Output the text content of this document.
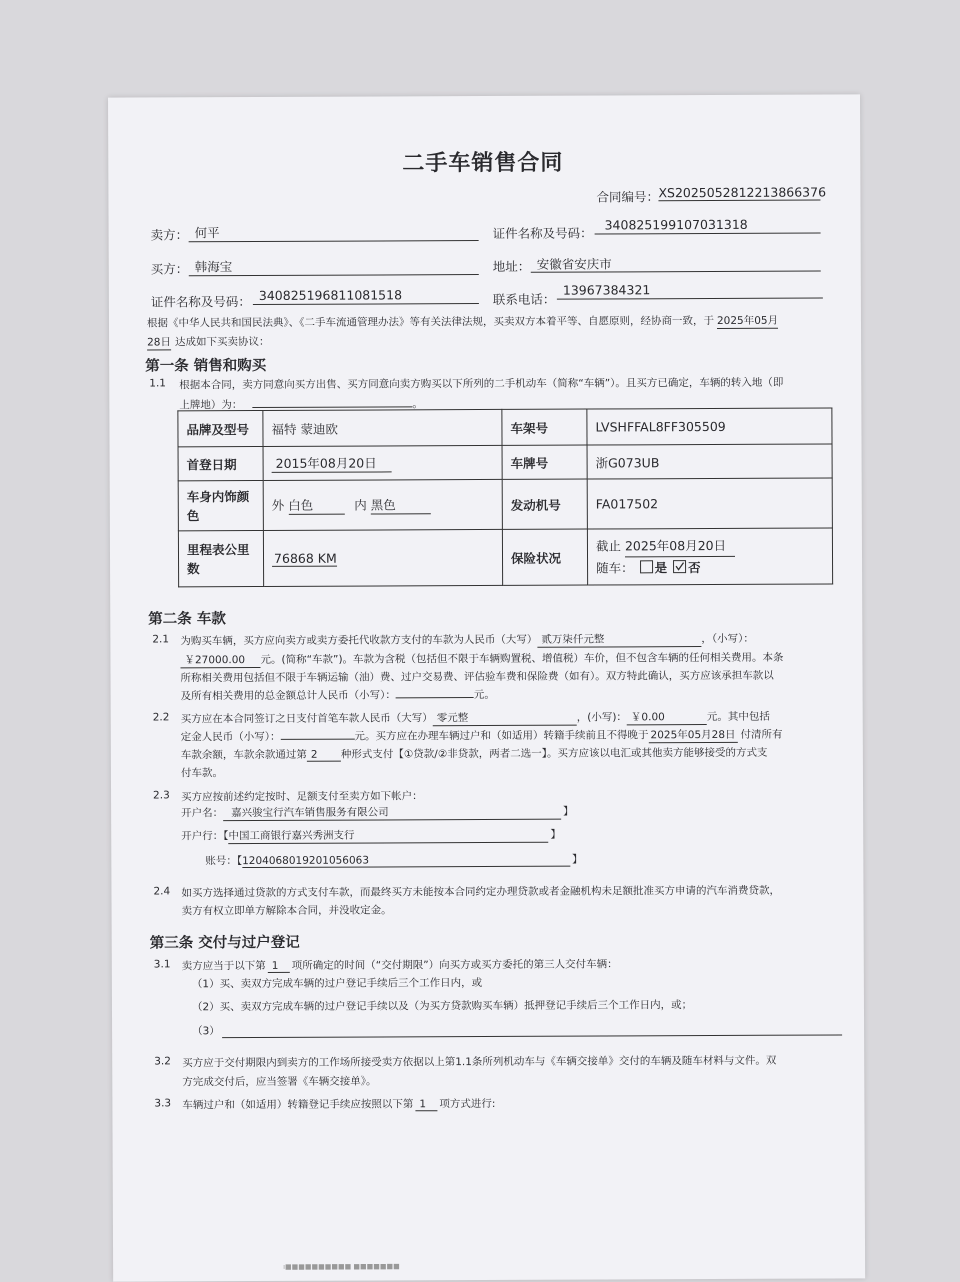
二手车销售合同
合同编号： XS2025052812213866376
卖方： 何平	证件名称及号码：
340825199107031318
买方： 韩海宝	地址： 安徽省安庆市
证件名称及号码： 340825196811081518	联系电话：
13967384321
根据《中华人民共和国民法典》、《二手车流通管理办法》等有关法律法规，买卖双方本着平等、自愿原则，经协商一致，于 2025年05月
28日 达成如下买卖协议：
第一条 销售和购买
1.1 根据本合同，卖方同意向买方出售、买方同意向卖方购买以下所列的二手机动车（简称“车辆”）。且买方已确定，车辆的转入地（即
上牌地）为：	。
品牌及型号	福特 蒙迪欧	车架号	LVSHFFAL8FF305509
首登日期	2015年08月20日	车牌号	浙G073UB
车身内饰颜
色	外 白色 内 黑色	发动机号	FA017502
里程表公里
数	76868 KM	保险状况	截止 2025年08月20日
随车： 是 否
第二条 车款
2.1 为购买车辆，买方应向卖方或卖方委托代收款方支付的车款为人民币（大写） 贰万柒仟元整	，（小写）：
￥27000.00 元。(简称“车款”)。车款为含税（包括但不限于车辆购置税、增值税）车价，但不包含车辆的任何相关费用。本条
所称相关费用包括但不限于车辆运输（油）费、过户交易费、评估验车费和保险费（如有）。双方特此确认，买方应该承担车款以
及所有相关费用的总金额总计人民币（小写）：	元。
2.2 买方应在本合同签订之日支付首笔车款人民币（大写） 零元整	，(小写)： ￥0.00	元。其中包括
定金人民币（小写）：	元。买方应在办理车辆过户和（如适用）转籍手续前且不得晚于 2025年05月28日 付清所有
车款余额，车款余款通过第 2 种形式支付【①贷款/②非贷款，两者二选一】。买方应该以电汇或其他卖方能够接受的方式支
付车款。
2.3 买方应按前述约定按时、足额支付至卖方如下帐户：
开户名： 嘉兴骏宝行汽车销售服务有限公司	】
开户行：【中国工商银行嘉兴秀洲支行	】
账号：【1204068019201056063	】
2.4 如买方选择通过贷款的方式支付车款，而最终买方未能按本合同约定办理贷款或者金融机构未足额批准买方申请的汽车消费贷款，
卖方有权立即单方解除本合同，并没收定金。
第三条 交付与过户登记
3.1 卖方应当于以下第 1 项所确定的时间（“交付期限”）向买方或买方委托的第三人交付车辆：
（1）买、卖双方完成车辆的过户登记手续后三个工作日内，或
（2）买、卖双方完成车辆的过户登记手续以及（为买方贷款购买车辆）抵押登记手续后三个工作日内，或；
（3）
3.2 买方应于交付期限内到卖方的工作场所接受卖方依据以上第1.1条所列机动车与《车辆交接单》交付的车辆及随车材料与文件。双
方完成交付后，应当签署《车辆交接单》。
3.3 车辆过户和（如适用）转籍登记手续应按照以下第 1 项方式进行:
ı■■■■■■■■■■ ■■■■■■■
